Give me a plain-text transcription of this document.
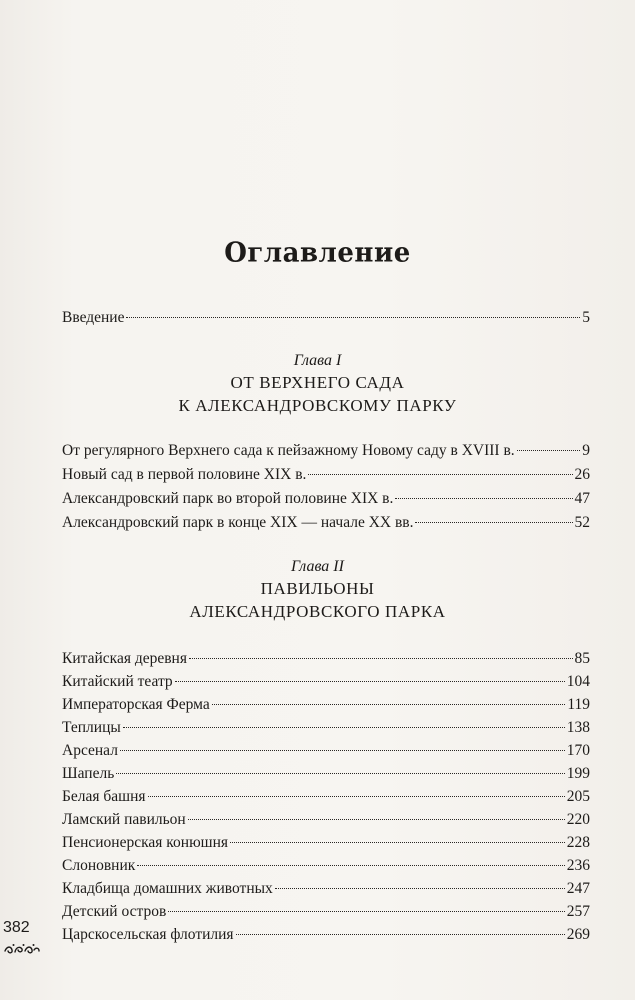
Оглавление
Введение	5
Глава I
ОТ ВЕРХНЕГО САДА
К АЛЕКСАНДРОВСКОМУ ПАРКУ
От регулярного Верхнего сада к пейзажному Новому саду в XVIII в.	9
Новый сад в первой половине XIX в.	26
Александровский парк во второй половине XIX в.	47
Александровский парк в конце XIX — начале XX вв.	52
Глава II
ПАВИЛЬОНЫ
АЛЕКСАНДРОВСКОГО ПАРКА
Китайская деревня	85
Китайский театр	104
Императорская Ферма	119
Теплицы	138
Арсенал	170
Шапель	199
Белая башня	205
Ламский павильон	220
Пенсионерская конюшня	228
Слоновник	236
Кладбища домашних животных	247
Детский остров	257
Царскосельская флотилия	269
382
